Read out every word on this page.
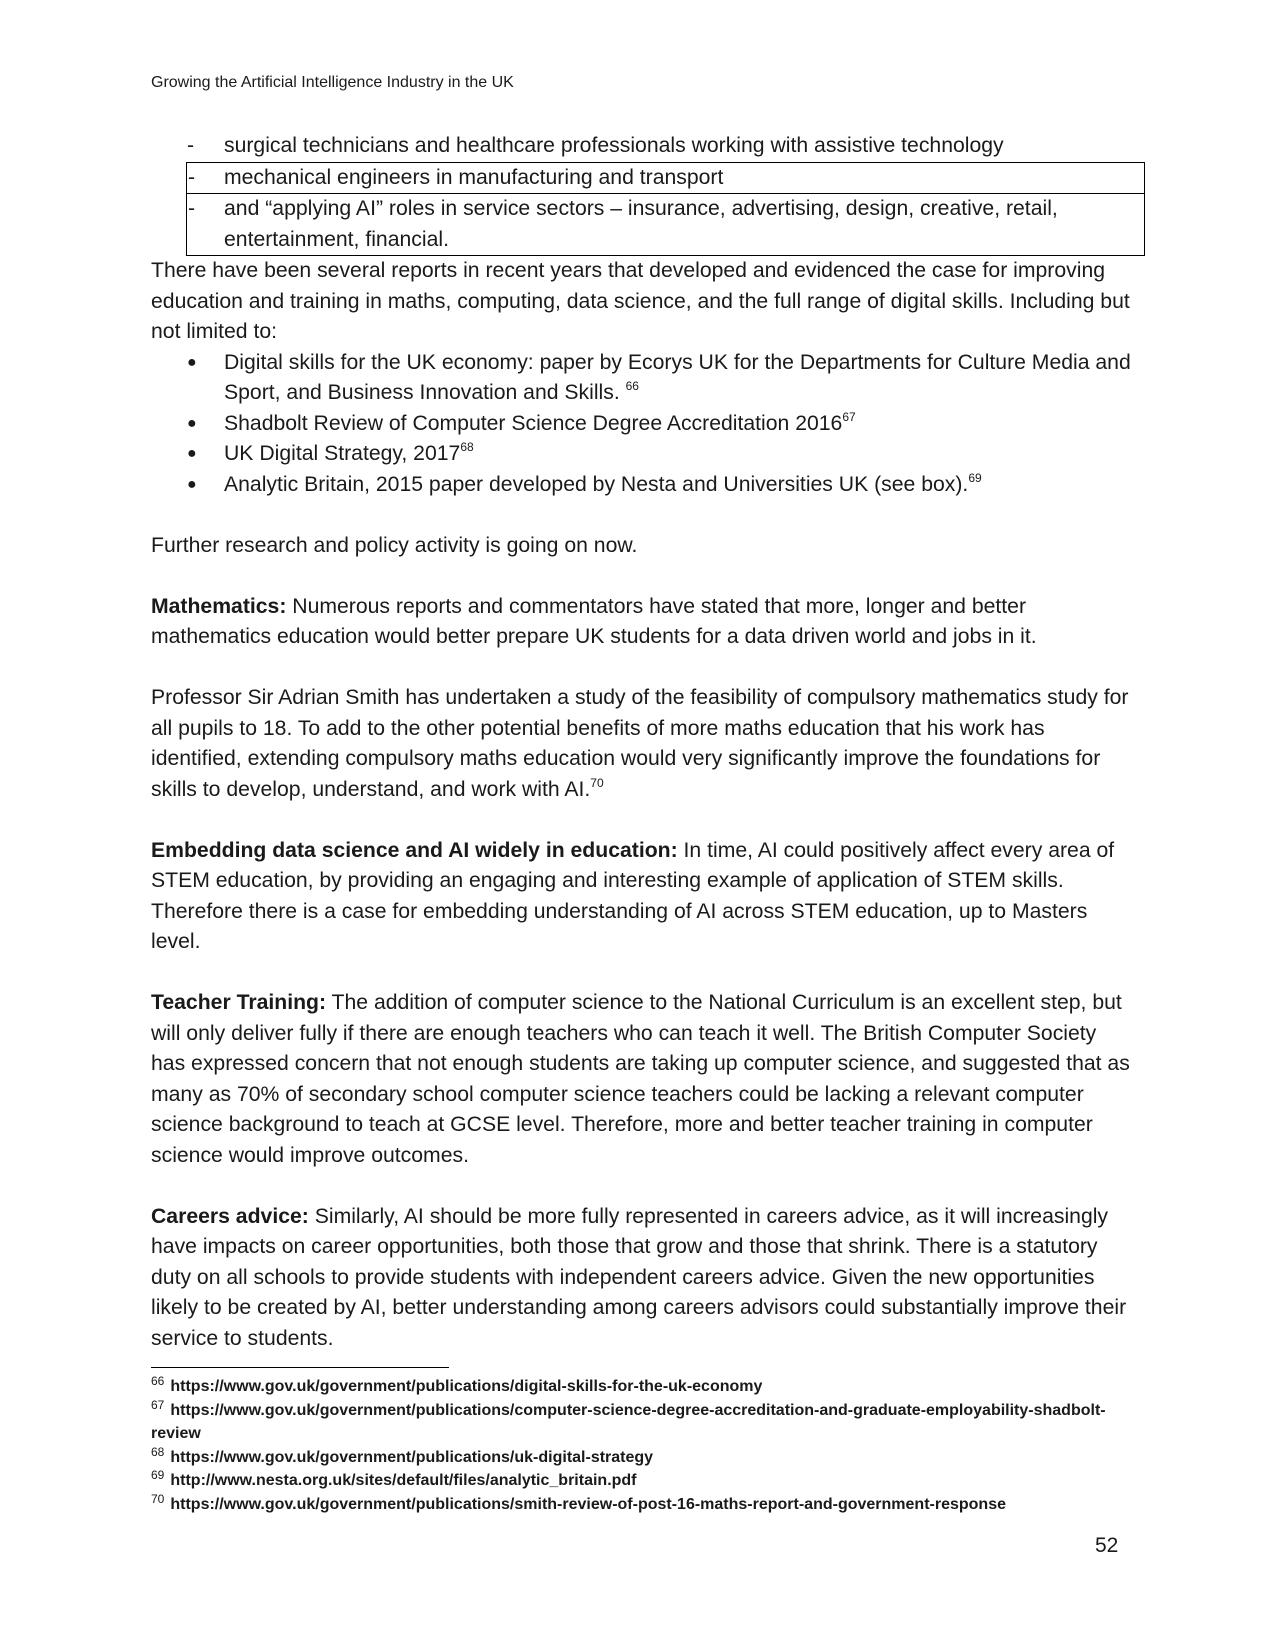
Growing the Artificial Intelligence Industry in the UK
- surgical technicians and healthcare professionals working with assistive technology
- mechanical engineers in manufacturing and transport
- and “applying AI” roles in service sectors – insurance, advertising, design, creative, retail, entertainment, financial.

There have been several reports in recent years that developed and evidenced the case for improving education and training in maths, computing, data science, and the full range of digital skills. Including but not limited to:

● Digital skills for the UK economy: paper by Ecorys UK for the Departments for Culture Media and Sport, and Business Innovation and Skills. $^{66}$
● Shadbolt Review of Computer Science Degree Accreditation 2016$^{67}$
● UK Digital Strategy, 2017$^{68}$
● Analytic Britain, 2015 paper developed by Nesta and Universities UK (see box).$^{69}$

Further research and policy activity is going on now.

Mathematics: Numerous reports and commentators have stated that more, longer and better mathematics education would better prepare UK students for a data driven world and jobs in it.

Professor Sir Adrian Smith has undertaken a study of the feasibility of compulsory mathematics study for all pupils to 18. To add to the other potential benefits of more maths education that his work has identified, extending compulsory maths education would very significantly improve the foundations for skills to develop, understand, and work with AI.$^{70}$

Embedding data science and AI widely in education: In time, AI could positively affect every area of STEM education, by providing an engaging and interesting example of application of STEM skills. Therefore there is a case for embedding understanding of AI across STEM education, up to Masters level.

Teacher Training: The addition of computer science to the National Curriculum is an excellent step, but will only deliver fully if there are enough teachers who can teach it well. The British Computer Society has expressed concern that not enough students are taking up computer science, and suggested that as many as 70% of secondary school computer science teachers could be lacking a relevant computer science background to teach at GCSE level. Therefore, more and better teacher training in computer science would improve outcomes.

Careers advice: Similarly, AI should be more fully represented in careers advice, as it will increasingly have impacts on career opportunities, both those that grow and those that shrink. There is a statutory duty on all schools to provide students with independent careers advice. Given the new opportunities likely to be created by AI, better understanding among careers advisors could substantially improve their service to students.

$^{66}$ https://www.gov.uk/government/publications/digital-skills-for-the-uk-economy

$^{67}$ https://www.gov.uk/government/publications/computer-science-degree-accreditation-and-graduate-employability-shadbolt-review

$^{68}$ https://www.gov.uk/government/publications/uk-digital-strategy

$^{69}$ http://www.nesta.org.uk/sites/default/files/analytic_britain.pdf

$^{70}$ https://www.gov.uk/government/publications/smith-review-of-post-16-maths-report-and-government-response

52
